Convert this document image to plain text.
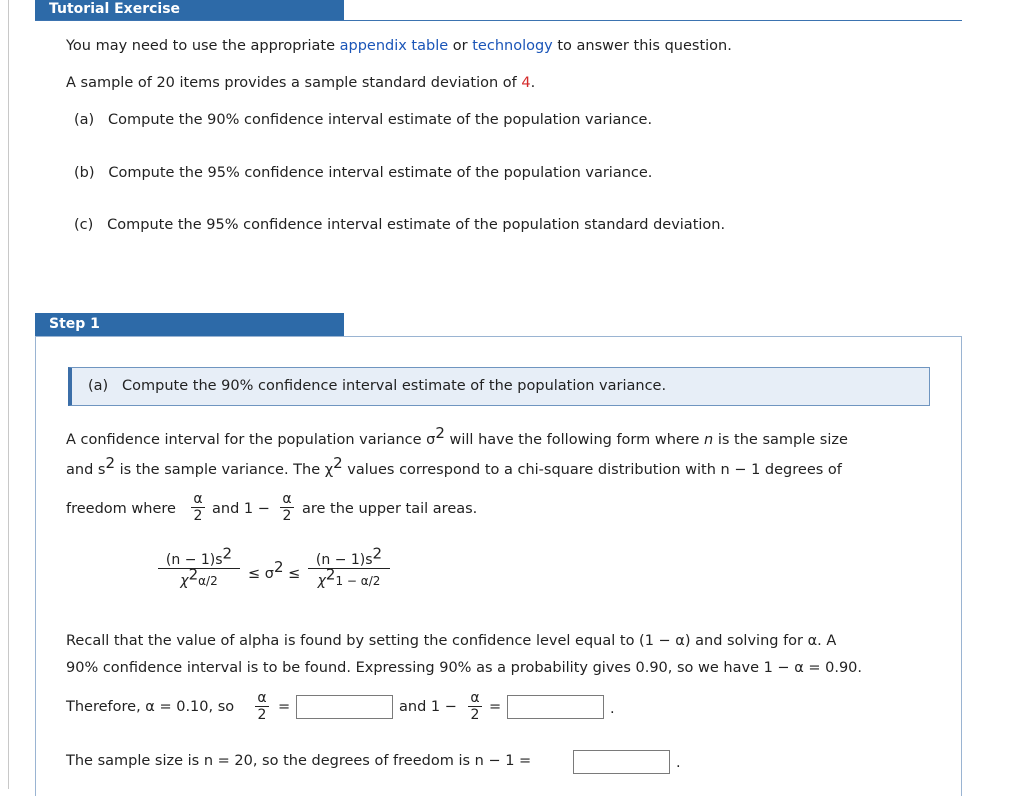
Tutorial Exercise
You may need to use the appropriate appendix table or technology to answer this question.
A sample of 20 items provides a sample standard deviation of 4.
(a) Compute the 90% confidence interval estimate of the population variance.
(b) Compute the 95% confidence interval estimate of the population variance.
(c) Compute the 95% confidence interval estimate of the population standard deviation.
Step 1
(a) Compute the 90% confidence interval estimate of the population variance.
A confidence interval for the population variance $\sigma^2$ will have the following form where n is the sample size
and $s^2$ is the sample variance. The $\chi^2$ values correspond to a chi-square distribution with n − 1 degrees of
freedom where $\frac{\alpha}{2}$ and $1 - \frac{\alpha}{2}$ are the upper tail areas.
$\frac{(n - 1)s^2}{\chi^2\alpha/2} \le \sigma^2 \le \frac{(n - 1)s^2}{\chi^21 - \alpha/2}$
Recall that the value of alpha is found by setting the confidence level equal to (1 − α) and solving for α. A
90% confidence interval is to be found. Expressing 90% as a probability gives 0.90, so we have 1 − α = 0.90.
Therefore, α = 0.10, so $\frac{\alpha}{2}$ =	and $1 - \frac{\alpha}{2}$ =	.
The sample size is n = 20, so the degrees of freedom is n − 1 =	.
